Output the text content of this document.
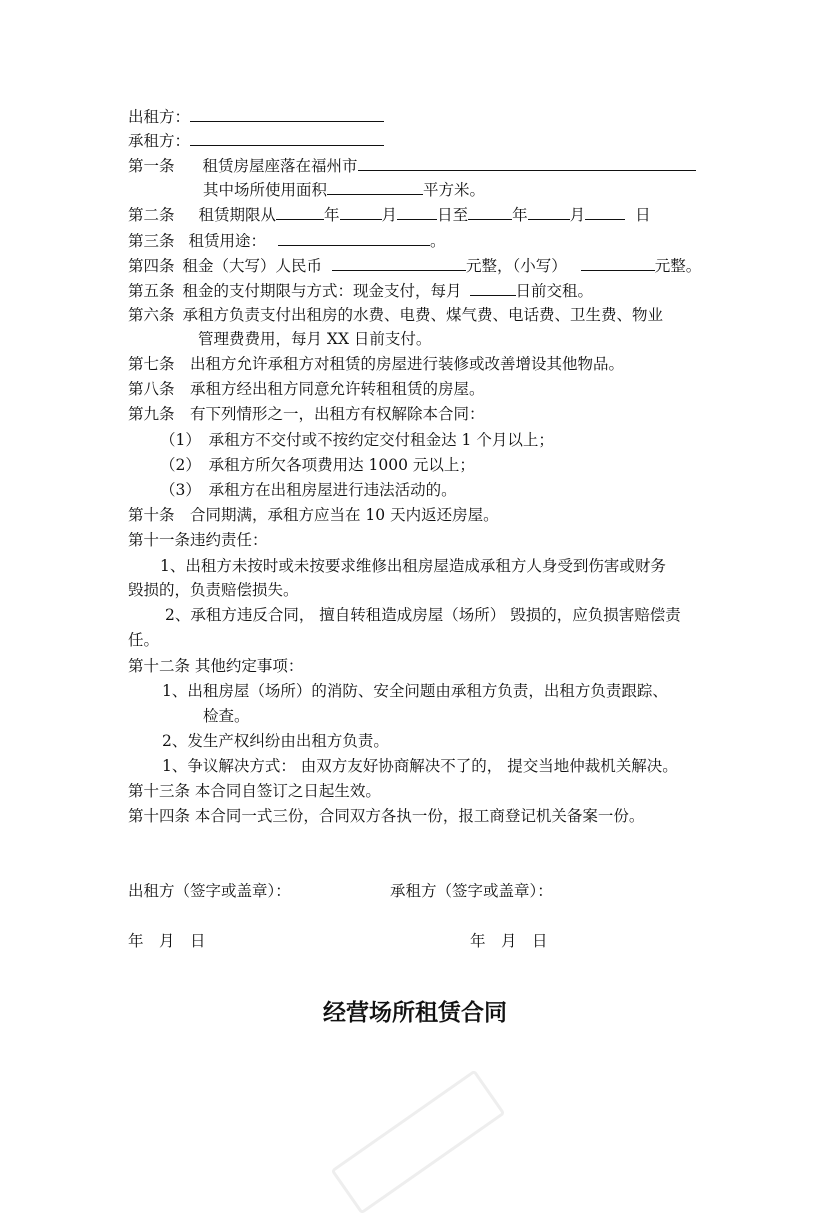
出租方：
承租方：
第一条 租赁房屋座落在福州市
其中场所使用面积	平方米。
第二条 租赁期限从	年	月	日至	年	月	日
第三条 租赁用途：	。
第四条 租金（大写）人民币	元整，（小写）	元整。
第五条 租金的支付期限与方式：现金支付，每月	日前交租。
第六条 承租方负责支付出租房的水费、电费、煤气费、电话费、卫生费、物业
管理费费用，每月 XX 日前支付。
第七条　出租方允许承租方对租赁的房屋进行装修或改善增设其他物品。
第八条　承租方经出租方同意允许转租租赁的房屋。
第九条　有下列情形之一，出租方有权解除本合同：
（1）　承租方不交付或不按约定交付租金达 1 个月以上；
（2）　承租方所欠各项费用达 1000 元以上；
（3）　承租方在出租房屋进行违法活动的。
第十条　合同期满，承租方应当在 10 天内返还房屋。
第十一条违约责任：
1、出租方未按时或未按要求维修出租房屋造成承租方人身受到伤害或财务
毁损的，负责赔偿损失。
2、承租方违反合同， 擅自转租造成房屋（场所） 毁损的，应负损害赔偿责
任。
第十二条 其他约定事项：
1、出租房屋（场所）的消防、安全问题由承租方负责，出租方负责跟踪、
检查。
2、发生产权纠纷由出租方负责。
1、争议解决方式： 由双方友好协商解决不了的， 提交当地仲裁机关解决。
第十三条 本合同自签订之日起生效。
第十四条 本合同一式三份，合同双方各执一份，报工商登记机关备案一份。
出租方（签字或盖章）：	承租方（签字或盖章）：
年　月　日	年　月　日
经营场所租赁合同
